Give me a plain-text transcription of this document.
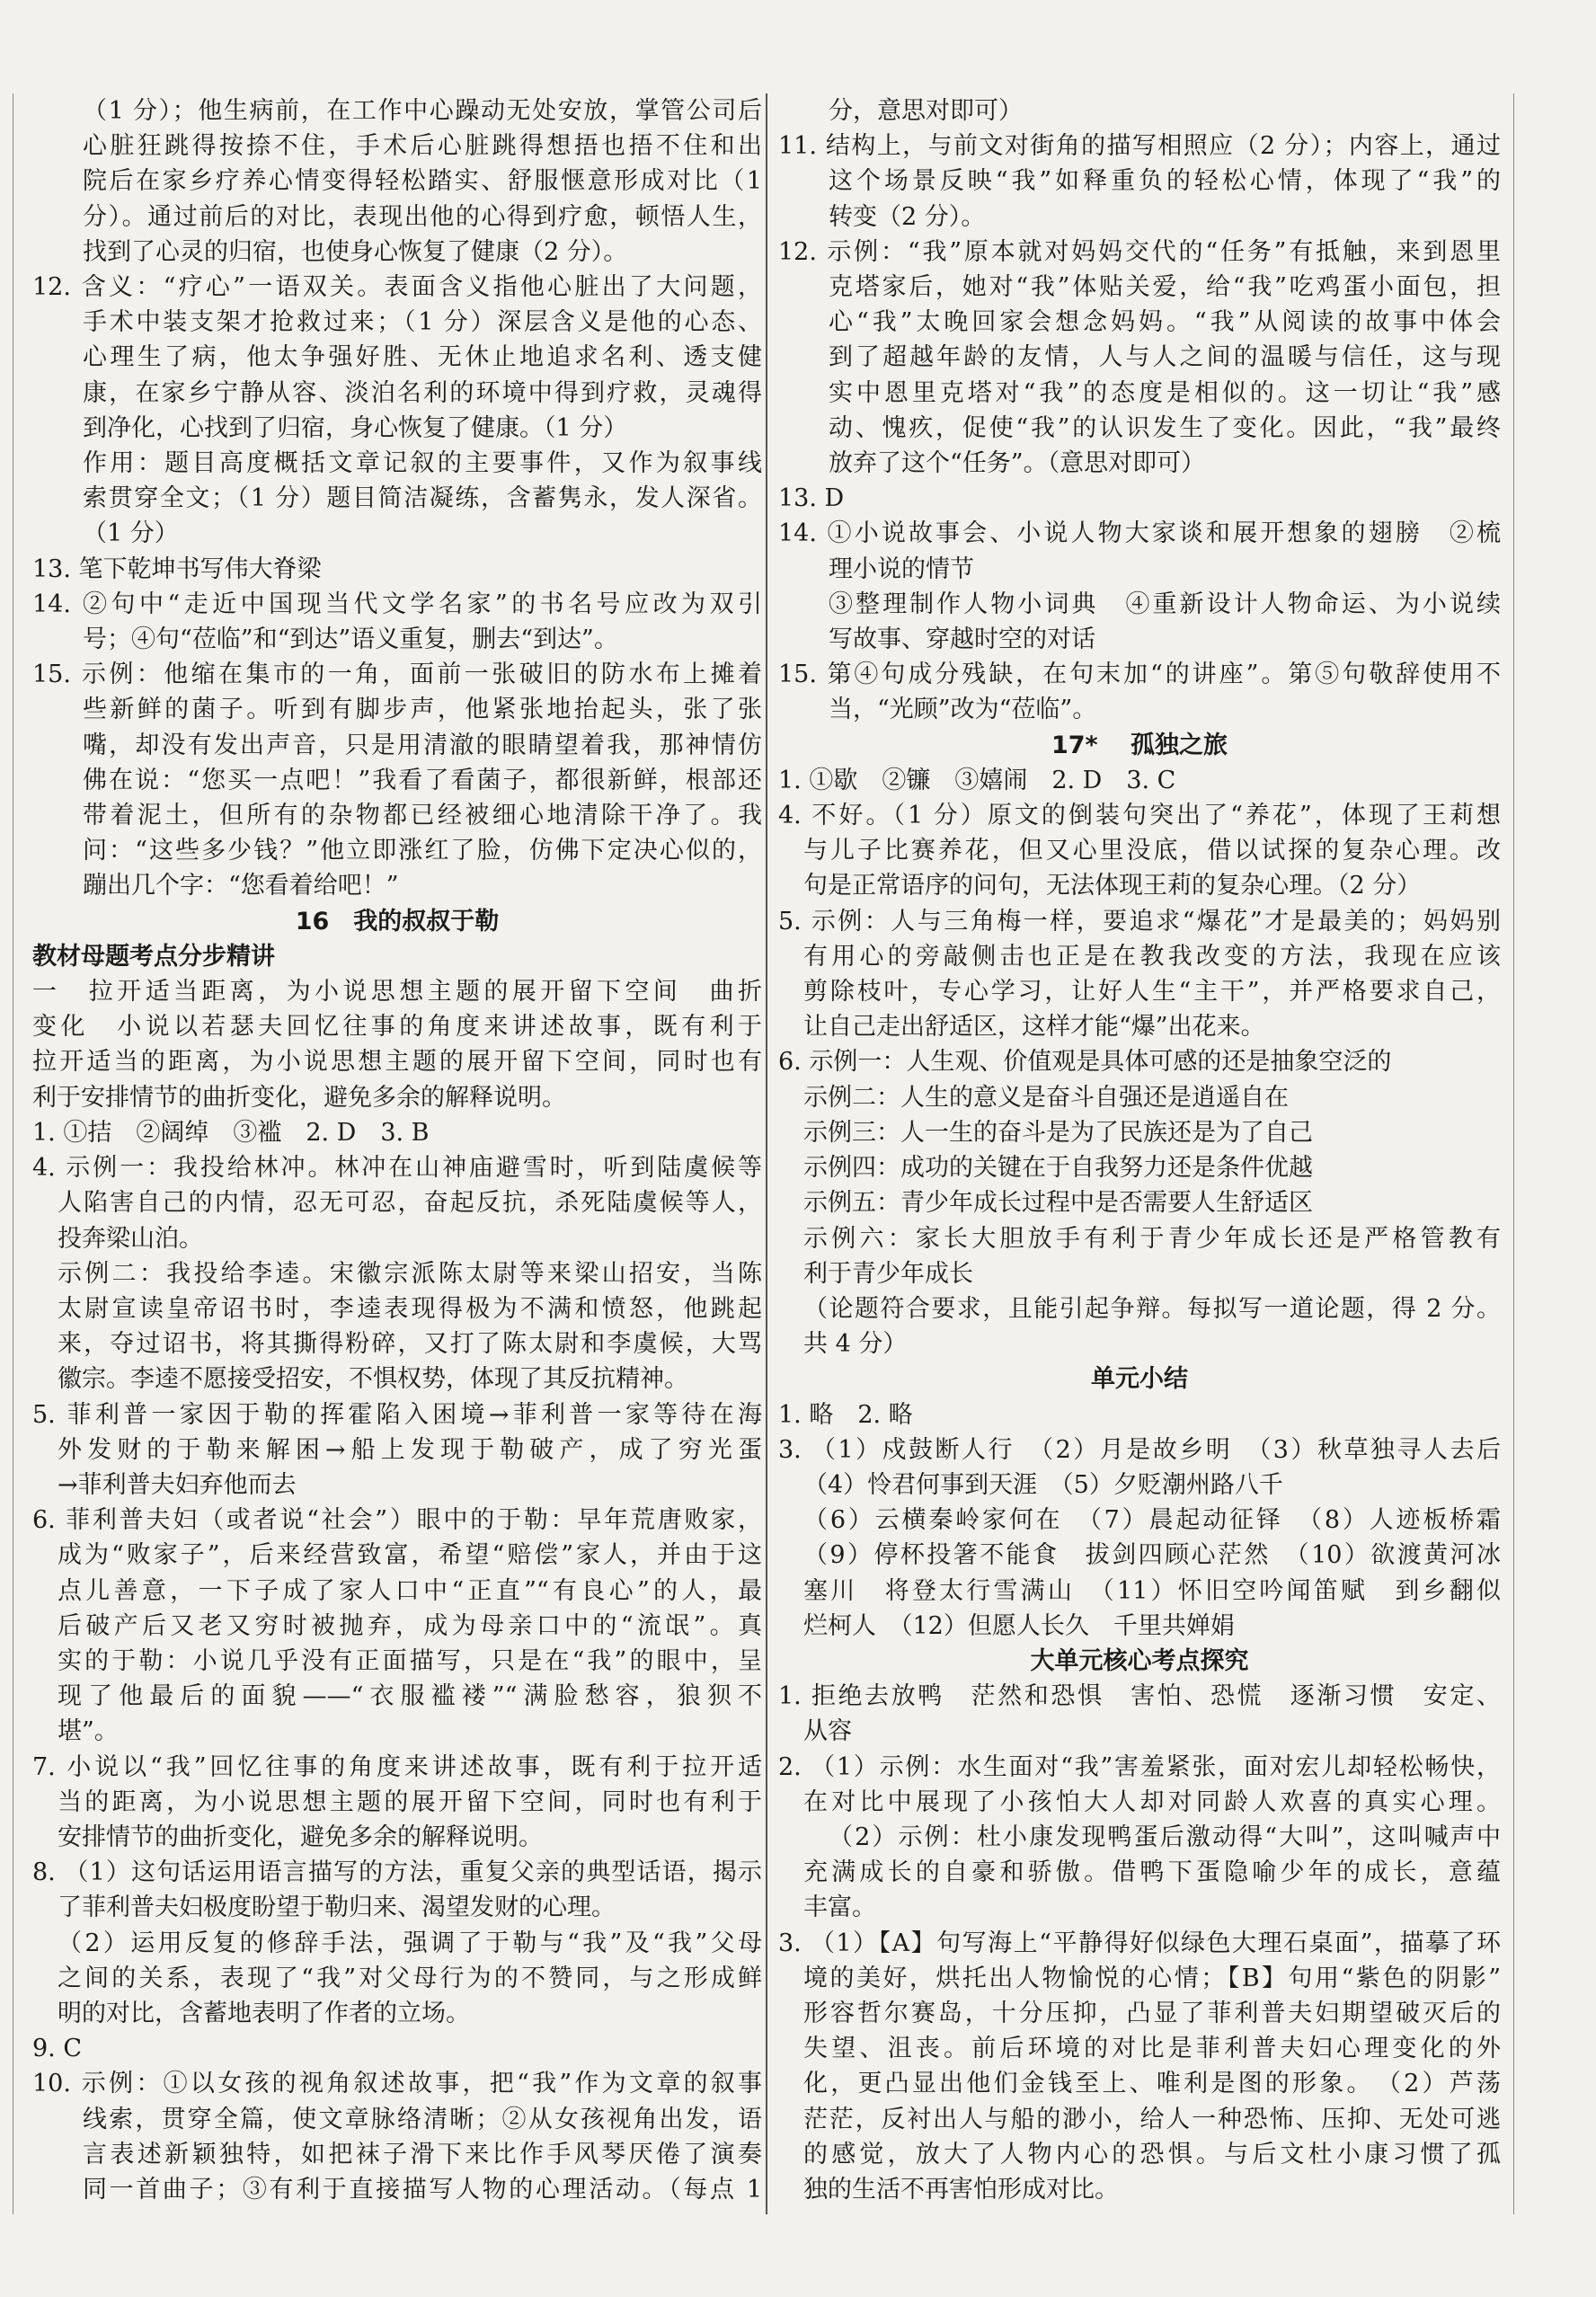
（1 分）；他生病前，在工作中心躁动无处安放，掌管公司后
心脏狂跳得按捺不住，手术后心脏跳得想捂也捂不住和出
院后在家乡疗养心情变得轻松踏实、舒服惬意形成对比（1
分）。通过前后的对比，表现出他的心得到疗愈，顿悟人生，
找到了心灵的归宿，也使身心恢复了健康（2 分）。
12. 含义：“疗心”一语双关。表面含义指他心脏出了大问题，
手术中装支架才抢救过来；（1 分）深层含义是他的心态、
心理生了病，他太争强好胜、无休止地追求名利、透支健
康，在家乡宁静从容、淡泊名利的环境中得到疗救，灵魂得
到净化，心找到了归宿，身心恢复了健康。（1 分）
作用：题目高度概括文章记叙的主要事件，又作为叙事线
索贯穿全文；（1 分）题目简洁凝练，含蓄隽永，发人深省。
（1 分）
13. 笔下乾坤书写伟大脊梁
14. ②句中“走近中国现当代文学名家”的书名号应改为双引
号；④句“莅临”和“到达”语义重复，删去“到达”。
15. 示例：他缩在集市的一角，面前一张破旧的防水布上摊着
些新鲜的菌子。听到有脚步声，他紧张地抬起头，张了张
嘴，却没有发出声音，只是用清澈的眼睛望着我，那神情仿
佛在说：“您买一点吧！”我看了看菌子，都很新鲜，根部还
带着泥土，但所有的杂物都已经被细心地清除干净了。我
问：“这些多少钱？”他立即涨红了脸，仿佛下定决心似的，
蹦出几个字：“您看着给吧！”
16　我的叔叔于勒
教材母题考点分步精讲
一　拉开适当距离，为小说思想主题的展开留下空间　曲折
变化　小说以若瑟夫回忆往事的角度来讲述故事，既有利于
拉开适当的距离，为小说思想主题的展开留下空间，同时也有
利于安排情节的曲折变化，避免多余的解释说明。
1. ①拮　②阔绰　③褴　2. D　3. B
4. 示例一：我投给林冲。林冲在山神庙避雪时，听到陆虞候等
人陷害自己的内情，忍无可忍，奋起反抗，杀死陆虞候等人，
投奔梁山泊。
示例二：我投给李逵。宋徽宗派陈太尉等来梁山招安，当陈
太尉宣读皇帝诏书时，李逵表现得极为不满和愤怒，他跳起
来，夺过诏书，将其撕得粉碎，又打了陈太尉和李虞候，大骂
徽宗。李逵不愿接受招安，不惧权势，体现了其反抗精神。
5. 菲利普一家因于勒的挥霍陷入困境→菲利普一家等待在海
外发财的于勒来解困→船上发现于勒破产，成了穷光蛋
→菲利普夫妇弃他而去
6. 菲利普夫妇（或者说“社会”）眼中的于勒：早年荒唐败家，
成为“败家子”，后来经营致富，希望“赔偿”家人，并由于这
点儿善意，一下子成了家人口中“正直”“有良心”的人，最
后破产后又老又穷时被抛弃，成为母亲口中的“流氓”。真
实的于勒：小说几乎没有正面描写，只是在“我”的眼中，呈
现了他最后的面貌——“衣服褴褛”“满脸愁容，狼狈不
堪”。
7. 小说以“我”回忆往事的角度来讲述故事，既有利于拉开适
当的距离，为小说思想主题的展开留下空间，同时也有利于
安排情节的曲折变化，避免多余的解释说明。
8. （1）这句话运用语言描写的方法，重复父亲的典型话语，揭示
了菲利普夫妇极度盼望于勒归来、渴望发财的心理。
（2）运用反复的修辞手法，强调了于勒与“我”及“我”父母
之间的关系，表现了“我”对父母行为的不赞同，与之形成鲜
明的对比，含蓄地表明了作者的立场。
9. C
10. 示例：①以女孩的视角叙述故事，把“我”作为文章的叙事
线索，贯穿全篇，使文章脉络清晰；②从女孩视角出发，语
言表述新颖独特，如把袜子滑下来比作手风琴厌倦了演奏
同一首曲子；③有利于直接描写人物的心理活动。（每点 1
分，意思对即可）
11. 结构上，与前文对街角的描写相照应（2 分）；内容上，通过
这个场景反映“我”如释重负的轻松心情，体现了“我”的
转变（2 分）。
12. 示例：“我”原本就对妈妈交代的“任务”有抵触，来到恩里
克塔家后，她对“我”体贴关爱，给“我”吃鸡蛋小面包，担
心“我”太晚回家会想念妈妈。“我”从阅读的故事中体会
到了超越年龄的友情，人与人之间的温暖与信任，这与现
实中恩里克塔对“我”的态度是相似的。这一切让“我”感
动、愧疚，促使“我”的认识发生了变化。因此，“我”最终
放弃了这个“任务”。（意思对即可）
13. D
14. ①小说故事会、小说人物大家谈和展开想象的翅膀　②梳
理小说的情节
③整理制作人物小词典　④重新设计人物命运、为小说续
写故事、穿越时空的对话
15. 第④句成分残缺，在句末加“的讲座”。第⑤句敬辞使用不
当，“光顾”改为“莅临”。
17* 　孤独之旅
1. ①歇　②镰　③嬉闹　2. D　3. C
4. 不好。（1 分）原文的倒装句突出了“养花”，体现了王莉想
与儿子比赛养花，但又心里没底，借以试探的复杂心理。改
句是正常语序的问句，无法体现王莉的复杂心理。（2 分）
5. 示例：人与三角梅一样，要追求“爆花”才是最美的；妈妈别
有用心的旁敲侧击也正是在教我改变的方法，我现在应该
剪除枝叶，专心学习，让好人生“主干”，并严格要求自己，
让自己走出舒适区，这样才能“爆”出花来。
6. 示例一：人生观、价值观是具体可感的还是抽象空泛的
示例二：人生的意义是奋斗自强还是逍遥自在
示例三：人一生的奋斗是为了民族还是为了自己
示例四：成功的关键在于自我努力还是条件优越
示例五：青少年成长过程中是否需要人生舒适区
示例六：家长大胆放手有利于青少年成长还是严格管教有
利于青少年成长
（论题符合要求，且能引起争辩。每拟写一道论题，得 2 分。
共 4 分）
单元小结
1. 略　2. 略
3. （1）戍鼓断人行　（2）月是故乡明　（3）秋草独寻人去后
（4）怜君何事到天涯　（5）夕贬潮州路八千
（6）云横秦岭家何在　（7）晨起动征铎　（8）人迹板桥霜
（9）停杯投箸不能食　拔剑四顾心茫然　（10）欲渡黄河冰
塞川　将登太行雪满山　（11）怀旧空吟闻笛赋　到乡翻似
烂柯人　（12）但愿人长久　千里共婵娟
大单元核心考点探究
1. 拒绝去放鸭　茫然和恐惧　害怕、恐慌　逐渐习惯　安定、
从容
2. （1）示例：水生面对“我”害羞紧张，面对宏儿却轻松畅快，
在对比中展现了小孩怕大人却对同龄人欢喜的真实心理。
（2）示例：杜小康发现鸭蛋后激动得“大叫”，这叫喊声中
充满成长的自豪和骄傲。借鸭下蛋隐喻少年的成长，意蕴
丰富。
3. （1）【A】句写海上“平静得好似绿色大理石桌面”，描摹了环
境的美好，烘托出人物愉悦的心情；【B】句用“紫色的阴影”
形容哲尔赛岛，十分压抑，凸显了菲利普夫妇期望破灭后的
失望、沮丧。前后环境的对比是菲利普夫妇心理变化的外
化，更凸显出他们金钱至上、唯利是图的形象。　（2）芦荡
茫茫，反衬出人与船的渺小，给人一种恐怖、压抑、无处可逃
的感觉，放大了人物内心的恐惧。与后文杜小康习惯了孤
独的生活不再害怕形成对比。
